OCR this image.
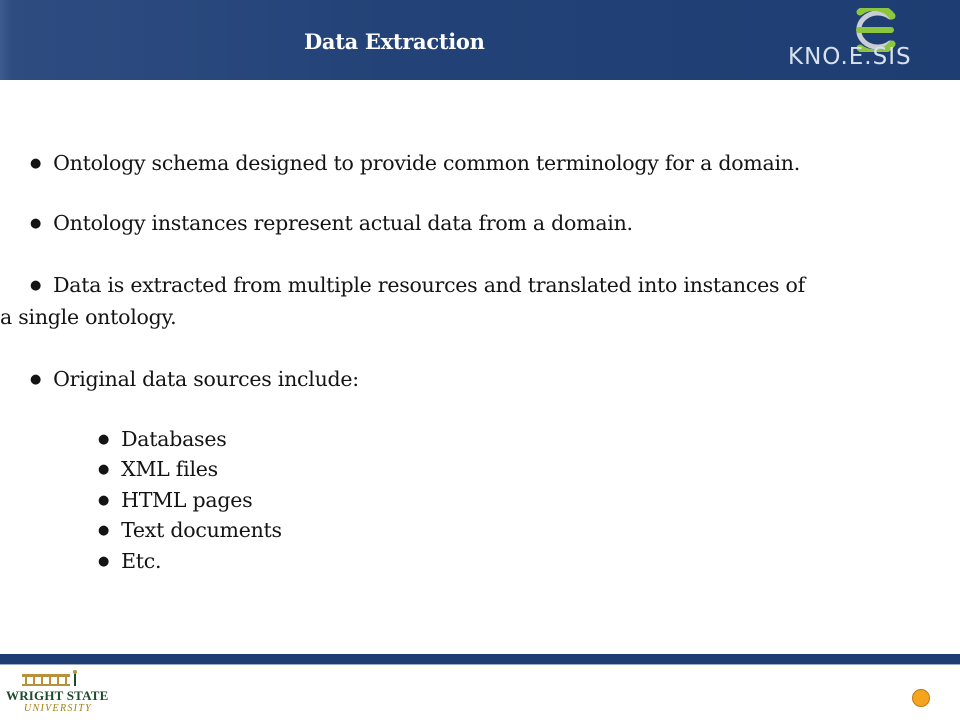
Data Extraction
KNO.E.SIS
● Ontology schema designed to provide common terminology for a domain.
● Ontology instances represent actual data from a domain.
● Data is extracted from multiple resources and translated into instances of
a single ontology.
● Original data sources include:
● Databases
● XML files
● HTML pages
● Text documents
● Etc.
WRIGHT STATE
UNIVERSITY
